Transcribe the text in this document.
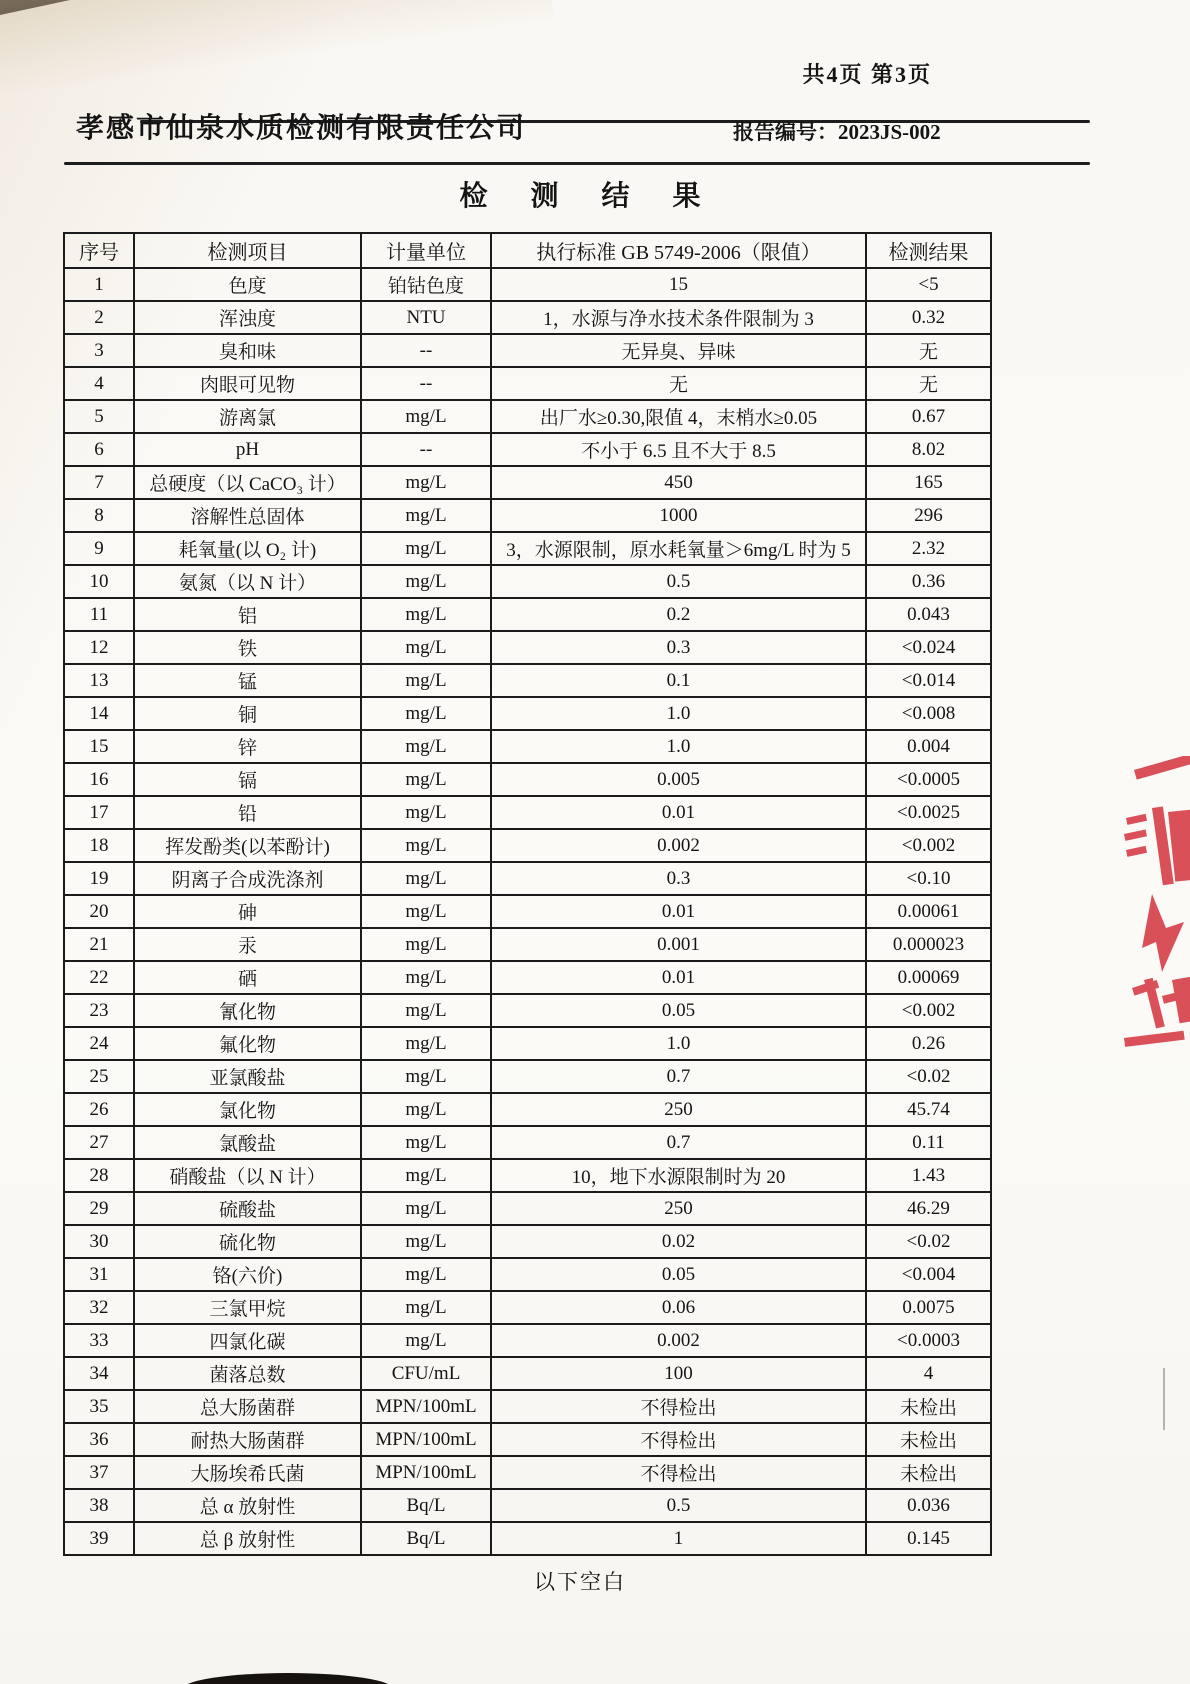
共4页 第3页
孝感市仙泉水质检测有限责任公司	报告编号：2023JS-002
检 测 结 果
序号	检测项目	计量单位	执行标准 GB 5749-2006（限值）	检测结果
1	色度	铂钴色度	15	<5
2	浑浊度	NTU	1，水源与净水技术条件限制为 3	0.32
3	臭和味	--	无异臭、异味	无
4	肉眼可见物	--	无	无
5	游离氯	mg/L	出厂水≥0.30,限值 4，末梢水≥0.05	0.67
6	pH	--	不小于 6.5 且不大于 8.5	8.02
7	总硬度（以 CaCO₃ 计）	mg/L	450	165
8	溶解性总固体	mg/L	1000	296
9	耗氧量(以 O₂ 计)	mg/L	3，水源限制，原水耗氧量＞6mg/L 时为 5	2.32
10	氨氮（以 N 计）	mg/L	0.5	0.36
11	铝	mg/L	0.2	0.043
12	铁	mg/L	0.3	<0.024
13	锰	mg/L	0.1	<0.014
14	铜	mg/L	1.0	<0.008
15	锌	mg/L	1.0	0.004
16	镉	mg/L	0.005	<0.0005
17	铅	mg/L	0.01	<0.0025
18	挥发酚类(以苯酚计)	mg/L	0.002	<0.002
19	阴离子合成洗涤剂	mg/L	0.3	<0.10
20	砷	mg/L	0.01	0.00061
21	汞	mg/L	0.001	0.000023
22	硒	mg/L	0.01	0.00069
23	氰化物	mg/L	0.05	<0.002
24	氟化物	mg/L	1.0	0.26
25	亚氯酸盐	mg/L	0.7	<0.02
26	氯化物	mg/L	250	45.74
27	氯酸盐	mg/L	0.7	0.11
28	硝酸盐（以 N 计）	mg/L	10，地下水源限制时为 20	1.43
29	硫酸盐	mg/L	250	46.29
30	硫化物	mg/L	0.02	<0.02
31	铬(六价)	mg/L	0.05	<0.004
32	三氯甲烷	mg/L	0.06	0.0075
33	四氯化碳	mg/L	0.002	<0.0003
34	菌落总数	CFU/mL	100	4
35	总大肠菌群	MPN/100mL	不得检出	未检出
36	耐热大肠菌群	MPN/100mL	不得检出	未检出
37	大肠埃希氏菌	MPN/100mL	不得检出	未检出
38	总 α 放射性	Bq/L	0.5	0.036
39	总 β 放射性	Bq/L	1	0.145
以下空白
